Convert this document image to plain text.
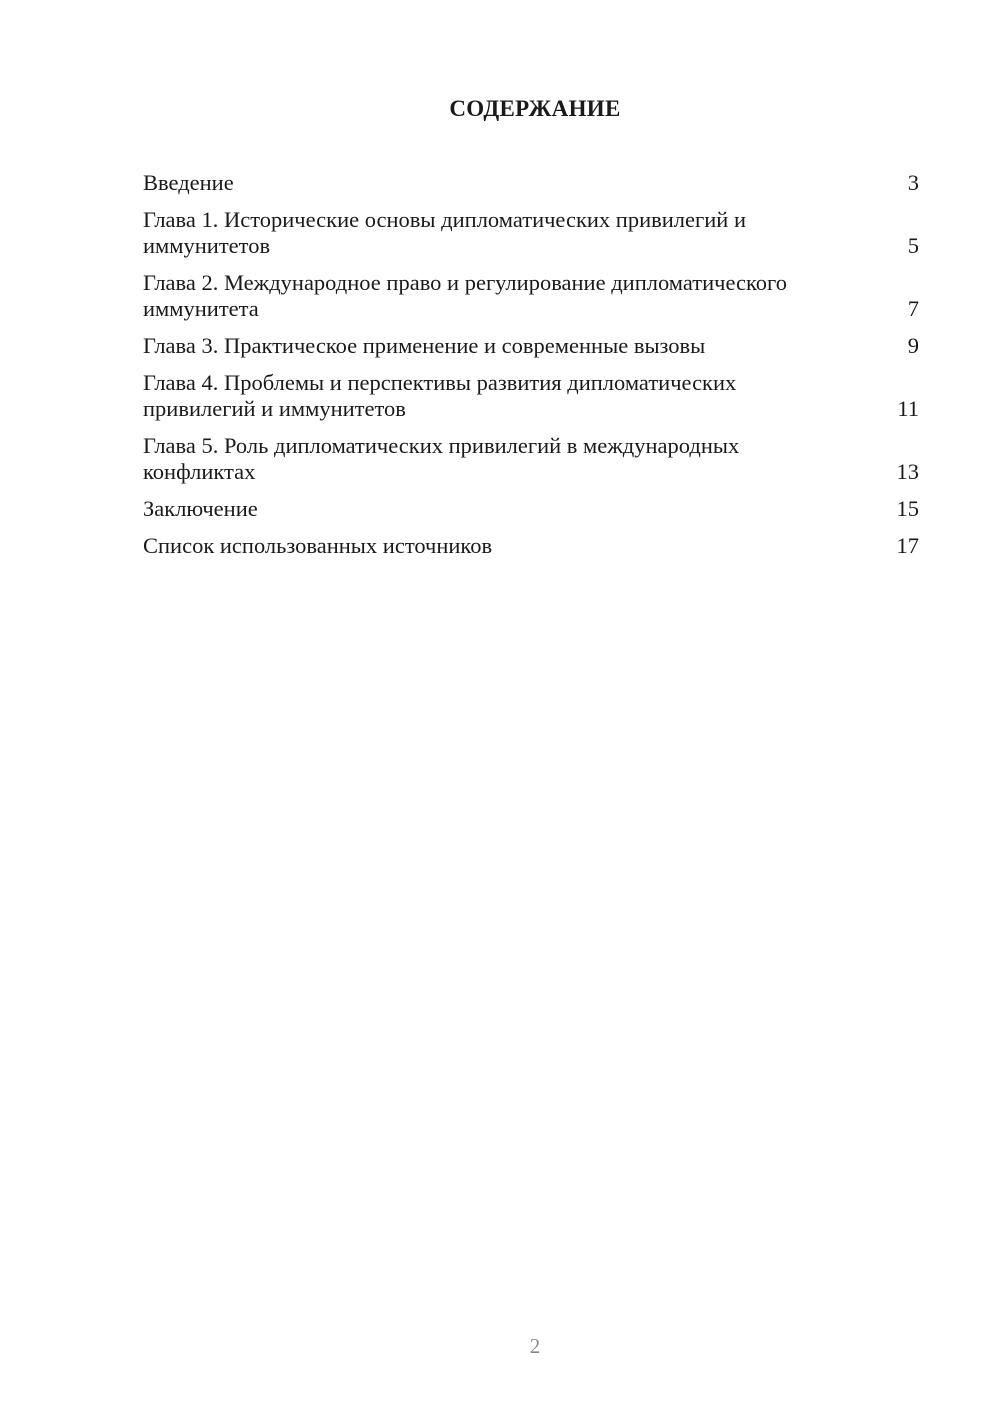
СОДЕРЖАНИЕ
Введение	3
Глава 1. Исторические основы дипломатических привилегий и иммунитетов	5
Глава 2. Международное право и регулирование дипломатического иммунитета	7
Глава 3. Практическое применение и современные вызовы	9
Глава 4. Проблемы и перспективы развития дипломатических привилегий и иммунитетов	11
Глава 5. Роль дипломатических привилегий в международных конфликтах	13
Заключение	15
Список использованных источников	17
2
